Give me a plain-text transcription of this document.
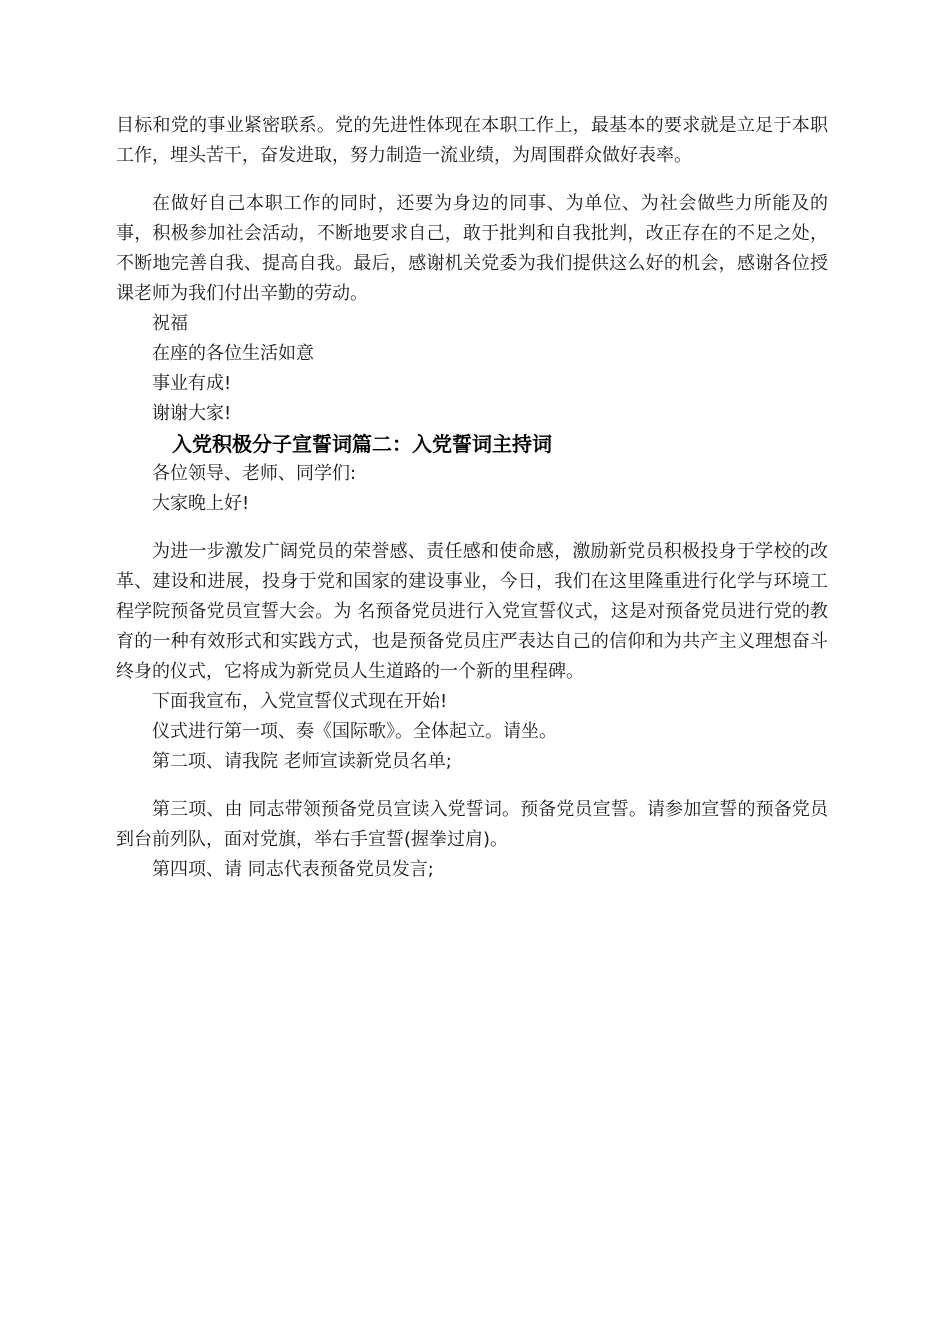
目标和党的事业紧密联系。党的先进性体现在本职工作上，最基本的要求就是立足于本职工作，埋头苦干，奋发进取，努力制造一流业绩，为周围群众做好表率。

在做好自己本职工作的同时，还要为身边的同事、为单位、为社会做些力所能及的事，积极参加社会活动，不断地要求自己，敢于批判和自我批判，改正存在的不足之处，不断地完善自我、提高自我。最后，感谢机关党委为我们提供这么好的机会，感谢各位授课老师为我们付出辛勤的劳动。

祝福

在座的各位生活如意

事业有成!

谢谢大家!

入党积极分子宣誓词篇二：入党誓词主持词

各位领导、老师、同学们:

大家晚上好!

为进一步激发广阔党员的荣誉感、责任感和使命感，激励新党员积极投身于学校的改革、建设和进展，投身于党和国家的建设事业，今日，我们在这里隆重进行化学与环境工程学院预备党员宣誓大会。为 名预备党员进行入党宣誓仪式，这是对预备党员进行党的教育的一种有效形式和实践方式，也是预备党员庄严表达自己的信仰和为共产主义理想奋斗终身的仪式，它将成为新党员人生道路的一个新的里程碑。

下面我宣布，入党宣誓仪式现在开始!

仪式进行第一项、奏《国际歌》。全体起立。请坐。

第二项、请我院 老师宣读新党员名单;

第三项、由 同志带领预备党员宣读入党誓词。预备党员宣誓。请参加宣誓的预备党员到台前列队，面对党旗，举右手宣誓(握拳过肩)。

第四项、请 同志代表预备党员发言;
